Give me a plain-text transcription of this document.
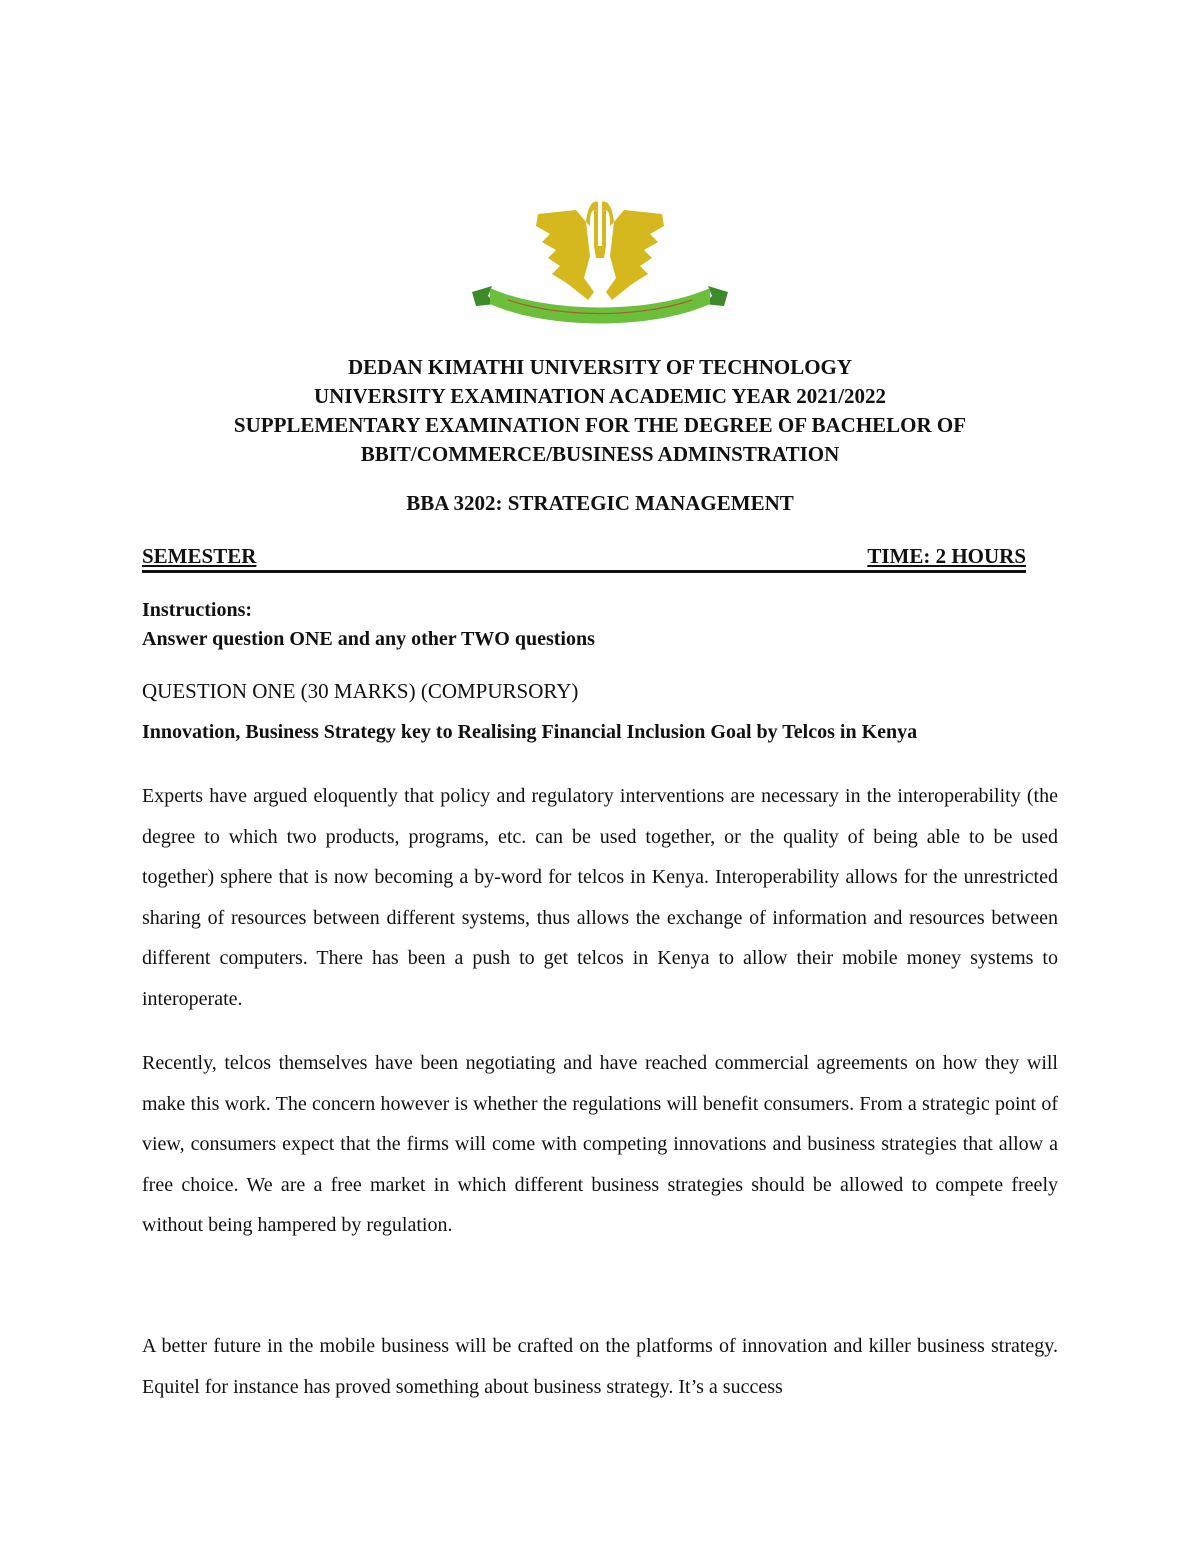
DEDAN KIMATHI UNIVERSITY OF TECHNOLOGY
UNIVERSITY EXAMINATION ACADEMIC YEAR 2021/2022
SUPPLEMENTARY EXAMINATION FOR THE DEGREE OF BACHELOR OF
BBIT/COMMERCE/BUSINESS ADMINSTRATION
BBA 3202: STRATEGIC MANAGEMENT
SEMESTER	TIME: 2 HOURS
Instructions:
Answer question ONE and any other TWO questions
QUESTION ONE (30 MARKS) (COMPURSORY)
Innovation, Business Strategy key to Realising Financial Inclusion Goal by Telcos in Kenya

Experts have argued eloquently that policy and regulatory interventions are necessary in the interoperability (the degree to which two products, programs, etc. can be used together, or the quality of being able to be used together) sphere that is now becoming a by-word for telcos in Kenya. Interoperability allows for the unrestricted sharing of resources between different systems, thus allows the exchange of information and resources between different computers. There has been a push to get telcos in Kenya to allow their mobile money systems to interoperate.

Recently, telcos themselves have been negotiating and have reached commercial agreements on how they will make this work. The concern however is whether the regulations will benefit consumers. From a strategic point of view, consumers expect that the firms will come with competing innovations and business strategies that allow a free choice. We are a free market in which different business strategies should be allowed to compete freely without being hampered by regulation.

A better future in the mobile business will be crafted on the platforms of innovation and killer business strategy. Equitel for instance has proved something about business strategy. It’s a success
